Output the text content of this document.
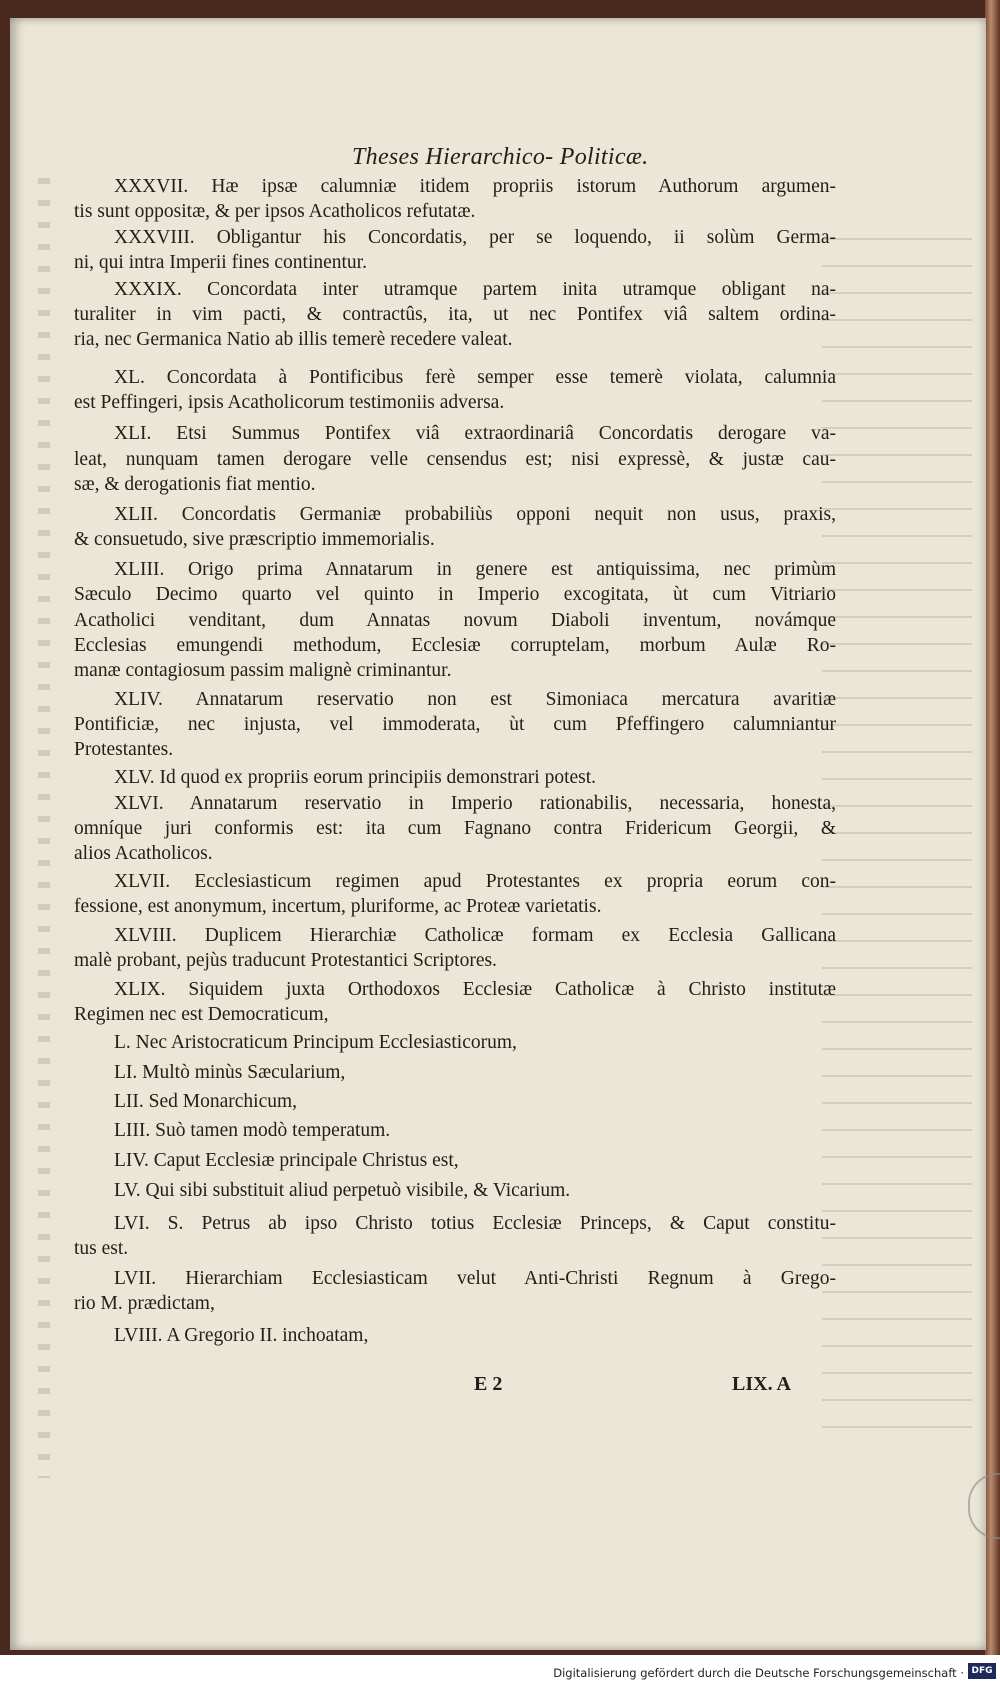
Theses Hierarchico- Politicæ.
XXXVII. Hæ ipsæ calumniæ itidem propriis istorum Authorum argumen-
tis sunt oppositæ, & per ipsos Acatholicos refutatæ.
XXXVIII. Obligantur his Concordatis, per se loquendo, ii solùm Germa-
ni, qui intra Imperii fines continentur.
XXXIX. Concordata inter utramque partem inita utramque obligant na-
turaliter in vim pacti, & contractûs, ita, ut nec Pontifex viâ saltem ordina-
ria, nec Germanica Natio ab illis temerè recedere valeat.
XL. Concordata à Pontificibus ferè semper esse temerè violata, calumnia
est Peffingeri, ipsis Acatholicorum testimoniis adversa.
XLI. Etsi Summus Pontifex viâ extraordinariâ Concordatis derogare va-
leat, nunquam tamen derogare velle censendus est; nisi expressè, & justæ cau-
sæ, & derogationis fiat mentio.
XLII. Concordatis Germaniæ probabiliùs opponi nequit non usus, praxis,
& consuetudo, sive præscriptio immemorialis.
XLIII. Origo prima Annatarum in genere est antiquissima, nec primùm
Sæculo Decimo quarto vel quinto in Imperio excogitata, ùt cum Vitriario
Acatholici venditant, dum Annatas novum Diaboli inventum, novámque
Ecclesias emungendi methodum, Ecclesiæ corruptelam, morbum Aulæ Ro-
manæ contagiosum passim malignè criminantur.
XLIV. Annatarum reservatio non est Simoniaca mercatura avaritiæ
Pontificiæ, nec injusta, vel immoderata, ùt cum Pfeffingero calumniantur
Protestantes.
XLV. Id quod ex propriis eorum principiis demonstrari potest.
XLVI. Annatarum reservatio in Imperio rationabilis, necessaria, honesta,
omníque juri conformis est: ita cum Fagnano contra Fridericum Georgii, &
alios Acatholicos.
XLVII. Ecclesiasticum regimen apud Protestantes ex propria eorum con-
fessione, est anonymum, incertum, pluriforme, ac Proteæ varietatis.
XLVIII. Duplicem Hierarchiæ Catholicæ formam ex Ecclesia Gallicana
malè probant, pejùs traducunt Protestantici Scriptores.
XLIX. Siquidem juxta Orthodoxos Ecclesiæ Catholicæ à Christo institutæ
Regimen nec est Democraticum,
L. Nec Aristocraticum Principum Ecclesiasticorum,
LI. Multò minùs Sæcularium,
LII. Sed Monarchicum,
LIII. Suò tamen modò temperatum.
LIV. Caput Ecclesiæ principale Christus est,
LV. Qui sibi substituit aliud perpetuò visibile, & Vicarium.
LVI. S. Petrus ab ipso Christo totius Ecclesiæ Princeps, & Caput constitu-
tus est.
LVII. Hierarchiam Ecclesiasticam velut Anti-Christi Regnum à Grego-
rio M. prædictam,
LVIII. A Gregorio II. inchoatam,
E 2	LIX. A
Digitalisierung gefördert durch die Deutsche Forschungsgemeinschaft · DFG
